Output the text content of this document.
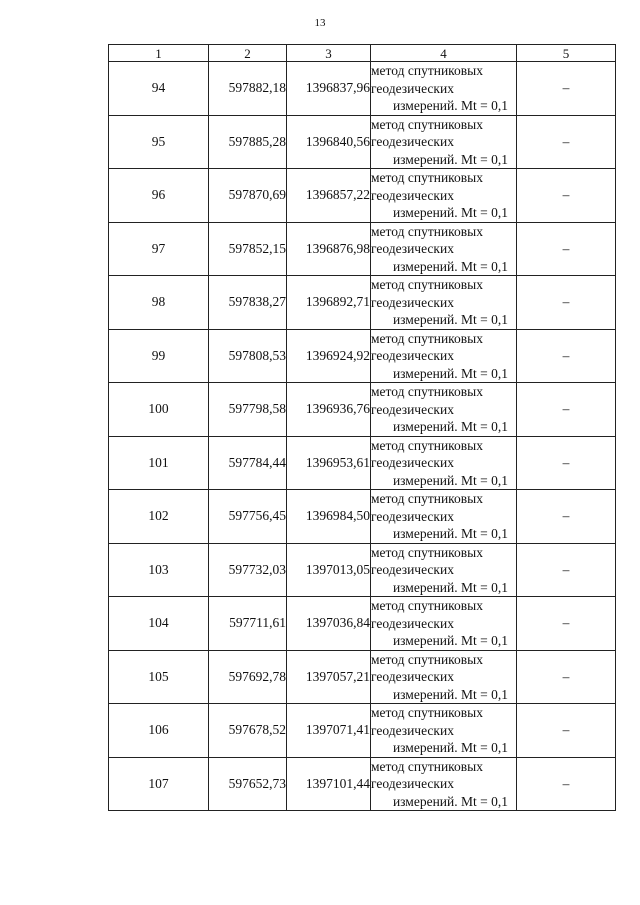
13
1	2	3	4	5
94	597882,18	1396837,96	метод спутниковых
геодезических
измерений. Mt = 0,1	–
95	597885,28	1396840,56	метод спутниковых
геодезических
измерений. Mt = 0,1	–
96	597870,69	1396857,22	метод спутниковых
геодезических
измерений. Mt = 0,1	–
97	597852,15	1396876,98	метод спутниковых
геодезических
измерений. Mt = 0,1	–
98	597838,27	1396892,71	метод спутниковых
геодезических
измерений. Mt = 0,1	–
99	597808,53	1396924,92	метод спутниковых
геодезических
измерений. Mt = 0,1	–
100	597798,58	1396936,76	метод спутниковых
геодезических
измерений. Mt = 0,1	–
101	597784,44	1396953,61	метод спутниковых
геодезических
измерений. Mt = 0,1	–
102	597756,45	1396984,50	метод спутниковых
геодезических
измерений. Mt = 0,1	–
103	597732,03	1397013,05	метод спутниковых
геодезических
измерений. Mt = 0,1	–
104	597711,61	1397036,84	метод спутниковых
геодезических
измерений. Mt = 0,1	–
105	597692,78	1397057,21	метод спутниковых
геодезических
измерений. Mt = 0,1	–
106	597678,52	1397071,41	метод спутниковых
геодезических
измерений. Mt = 0,1	–
107	597652,73	1397101,44	метод спутниковых
геодезических
измерений. Mt = 0,1	–
